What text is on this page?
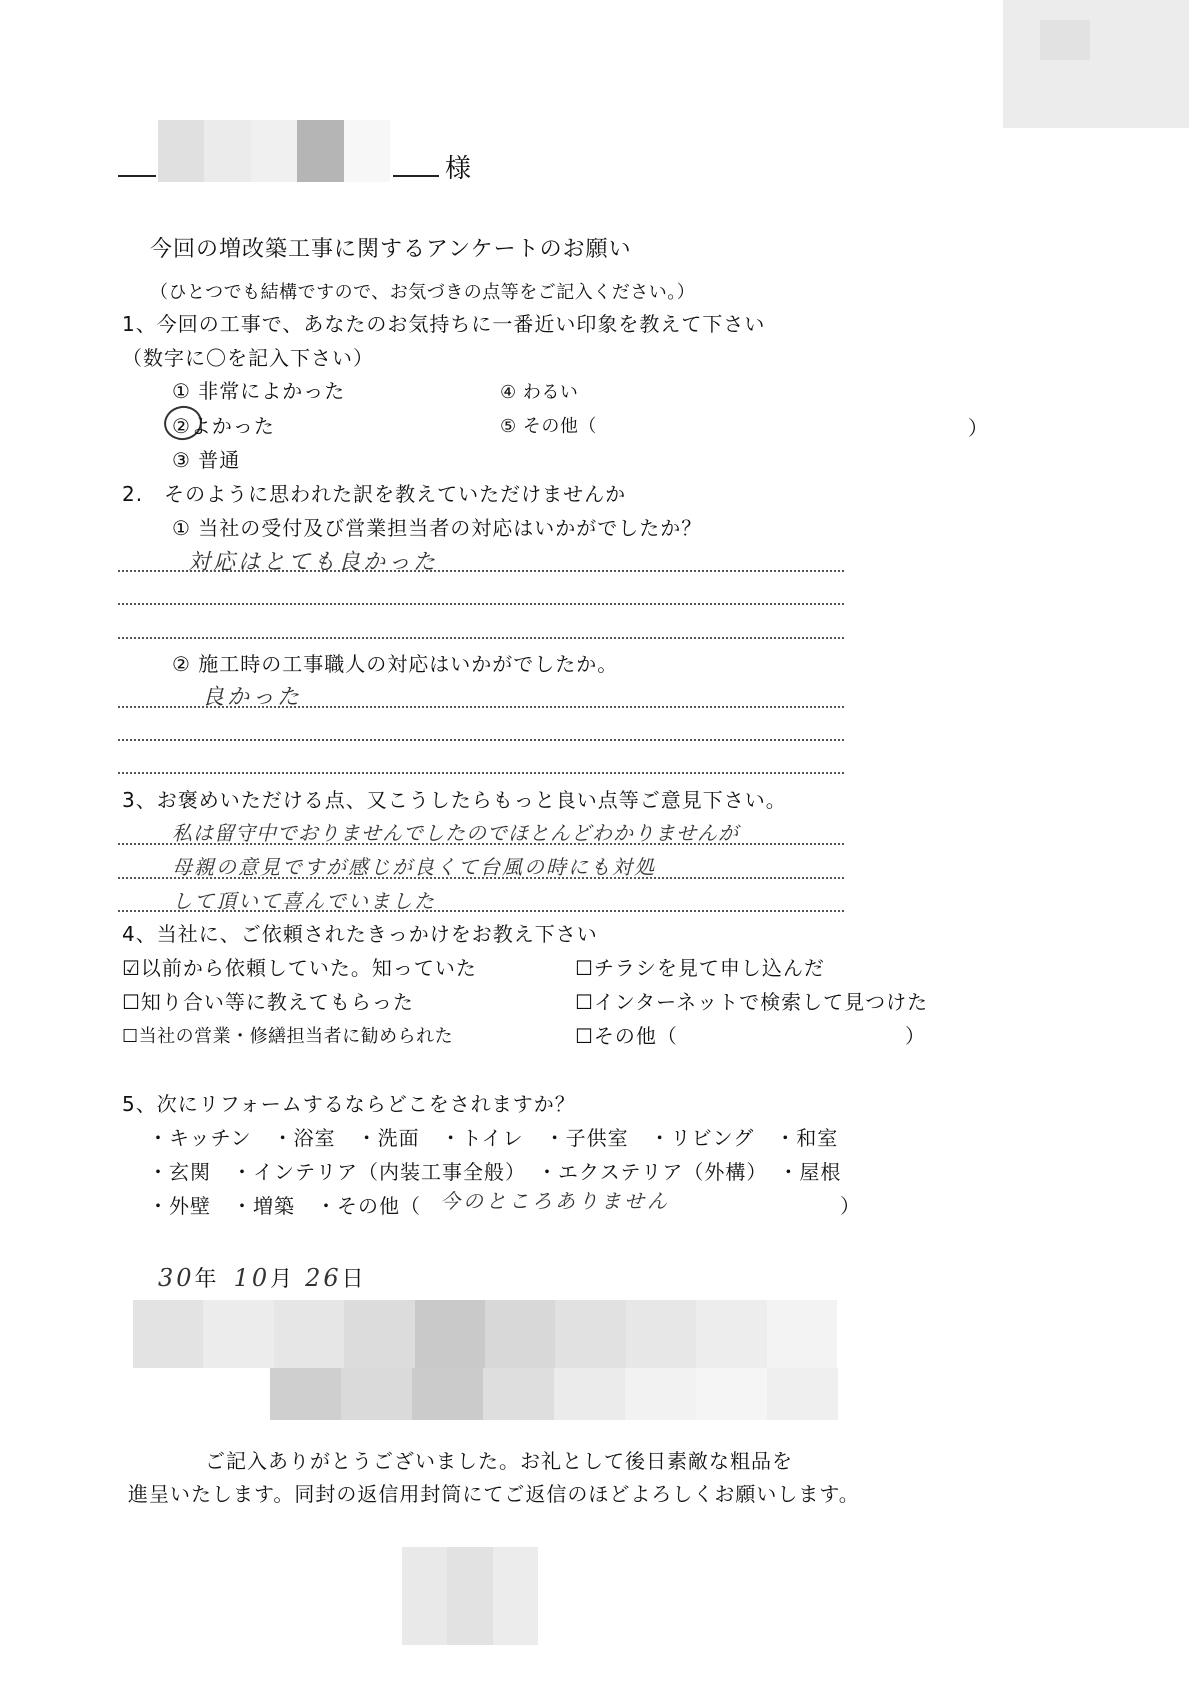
様
今回の増改築工事に関するアンケートのお願い
（ひとつでも結構ですので、お気づきの点等をご記入ください。）
1、今回の工事で、あなたのお気持ちに一番近い印象を教えて下さい
（数字に〇を記入下さい）
① 非常によかった
②よかった
③ 普通
④ わるい
⑤ その他（	）
2.　そのように思われた訳を教えていただけませんか
① 当社の受付及び営業担当者の対応はいかがでしたか？
対応はとても良かった
② 施工時の工事職人の対応はいかがでしたか。
良かった
3、お褒めいただける点、又こうしたらもっと良い点等ご意見下さい。
私は留守中でおりませんでしたのでほとんどわかりませんが
母親の意見ですが感じが良くて台風の時にも対処
して頂いて喜んでいました
4、当社に、ご依頼されたきっかけをお教え下さい
☑以前から依頼していた。知っていた
☐知り合い等に教えてもらった
☐当社の営業・修繕担当者に勧められた
☐チラシを見て申し込んだ
☐インターネットで検索して見つけた
☐その他（	）
5、次にリフォームするならどこをされますか？
・キッチン　・浴室　・洗面　・トイレ　・子供室　・リビング　・和室
・玄関　・インテリア（内装工事全般）　・エクステリア（外構）　・屋根
・外壁　・増築　・その他（ 今のところありません	）
30年 10月 26日
ご記入ありがとうございました。お礼として後日素敵な粗品を
進呈いたします。同封の返信用封筒にてご返信のほどよろしくお願いします。
